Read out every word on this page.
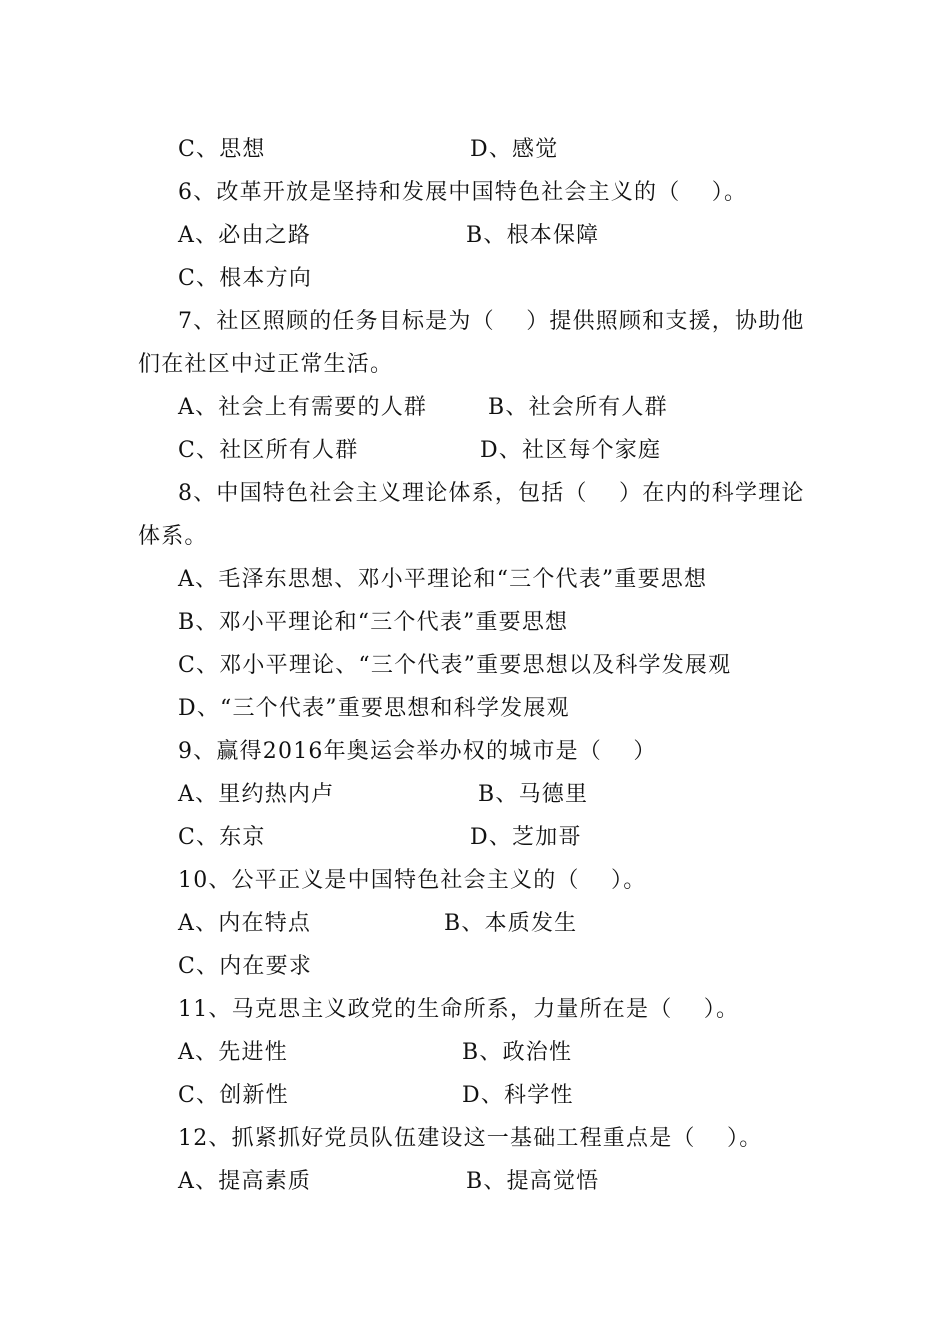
C、思想	D、感觉
6、改革开放是坚持和发展中国特色社会主义的（　 ）。
A、必由之路	B、根本保障
C、根本方向
7、社区照顾的任务目标是为（　 ）提供照顾和支援，协助他
们在社区中过正常生活。
A、社会上有需要的人群	B、社会所有人群
C、社区所有人群	D、社区每个家庭
8、中国特色社会主义理论体系，包括（　 ）在内的科学理论
体系。
A、毛泽东思想、邓小平理论和“三个代表”重要思想
B、邓小平理论和“三个代表”重要思想
C、邓小平理论、“三个代表”重要思想以及科学发展观
D、“三个代表”重要思想和科学发展观
9、赢得2016年奥运会举办权的城市是（　 ）
A、里约热内卢	B、马德里
C、东京	D、芝加哥
10、公平正义是中国特色社会主义的（　 ）。
A、内在特点	B、本质发生
C、内在要求
11、马克思主义政党的生命所系，力量所在是（　 ）。
A、先进性	B、政治性
C、创新性	D、科学性
12、抓紧抓好党员队伍建设这一基础工程重点是（　 ）。
A、提高素质	B、提高觉悟
